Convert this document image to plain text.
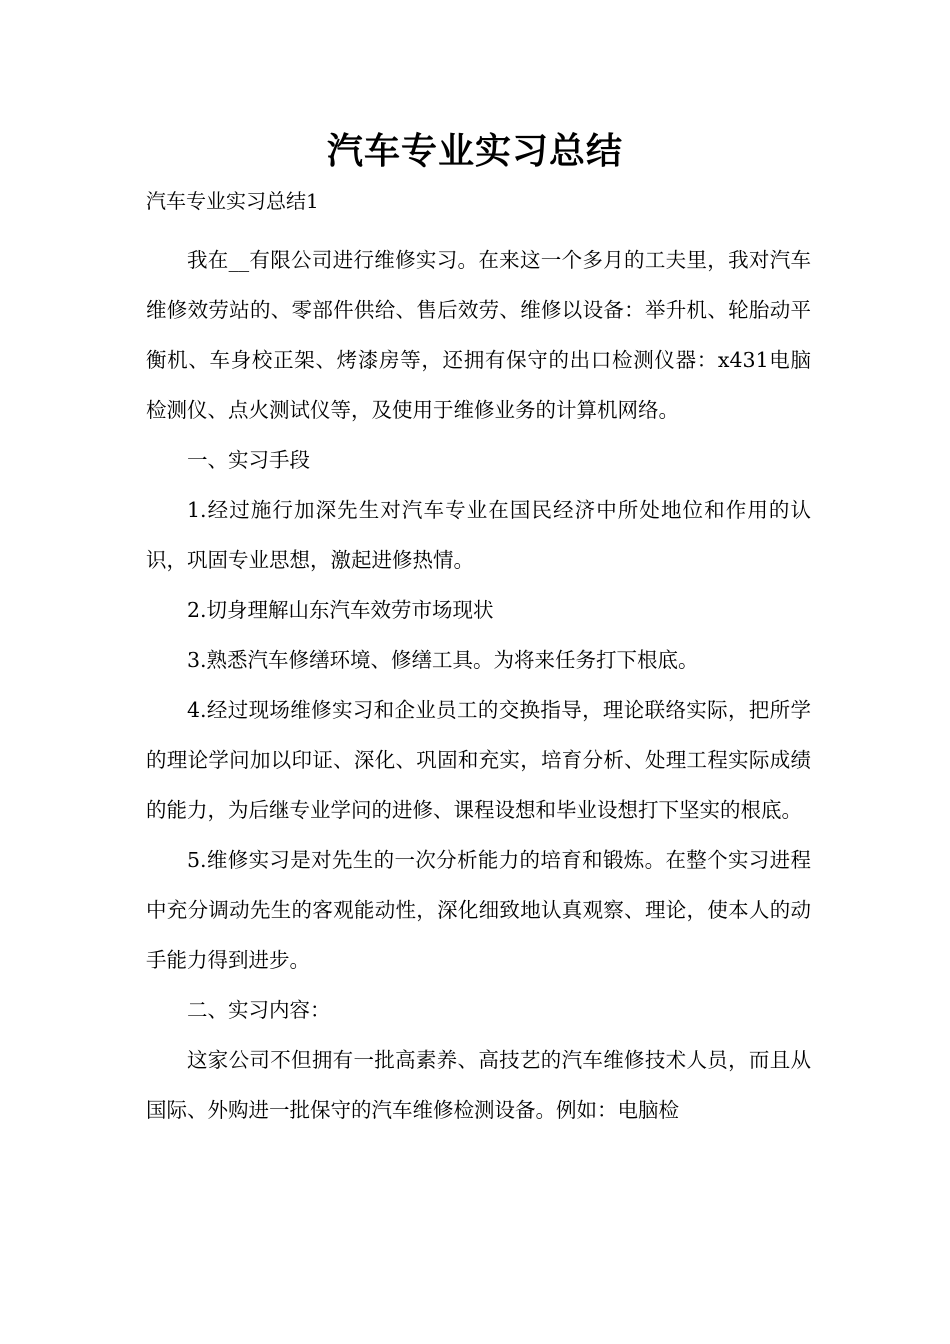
汽车专业实习总结
汽车专业实习总结1

我在__有限公司进行维修实习。在来这一个多月的工夫里，我对汽车维修效劳站的、零部件供给、售后效劳、维修以设备：举升机、轮胎动平衡机、车身校正架、烤漆房等，还拥有保守的出口检测仪器：x431电脑检测仪、点火测试仪等，及使用于维修业务的计算机网络。

一、实习手段

1.经过施行加深先生对汽车专业在国民经济中所处地位和作用的认识，巩固专业思想，激起进修热情。

2.切身理解山东汽车效劳市场现状

3.熟悉汽车修缮环境、修缮工具。为将来任务打下根底。

4.经过现场维修实习和企业员工的交换指导，理论联络实际，把所学的理论学问加以印证、深化、巩固和充实，培育分析、处理工程实际成绩的能力，为后继专业学问的进修、课程设想和毕业设想打下坚实的根底。

5.维修实习是对先生的一次分析能力的培育和锻炼。在整个实习进程中充分调动先生的客观能动性，深化细致地认真观察、理论，使本人的动手能力得到进步。

二、实习内容：

这家公司不但拥有一批高素养、高技艺的汽车维修技术人员，而且从国际、外购进一批保守的汽车维修检测设备。例如：电脑检
